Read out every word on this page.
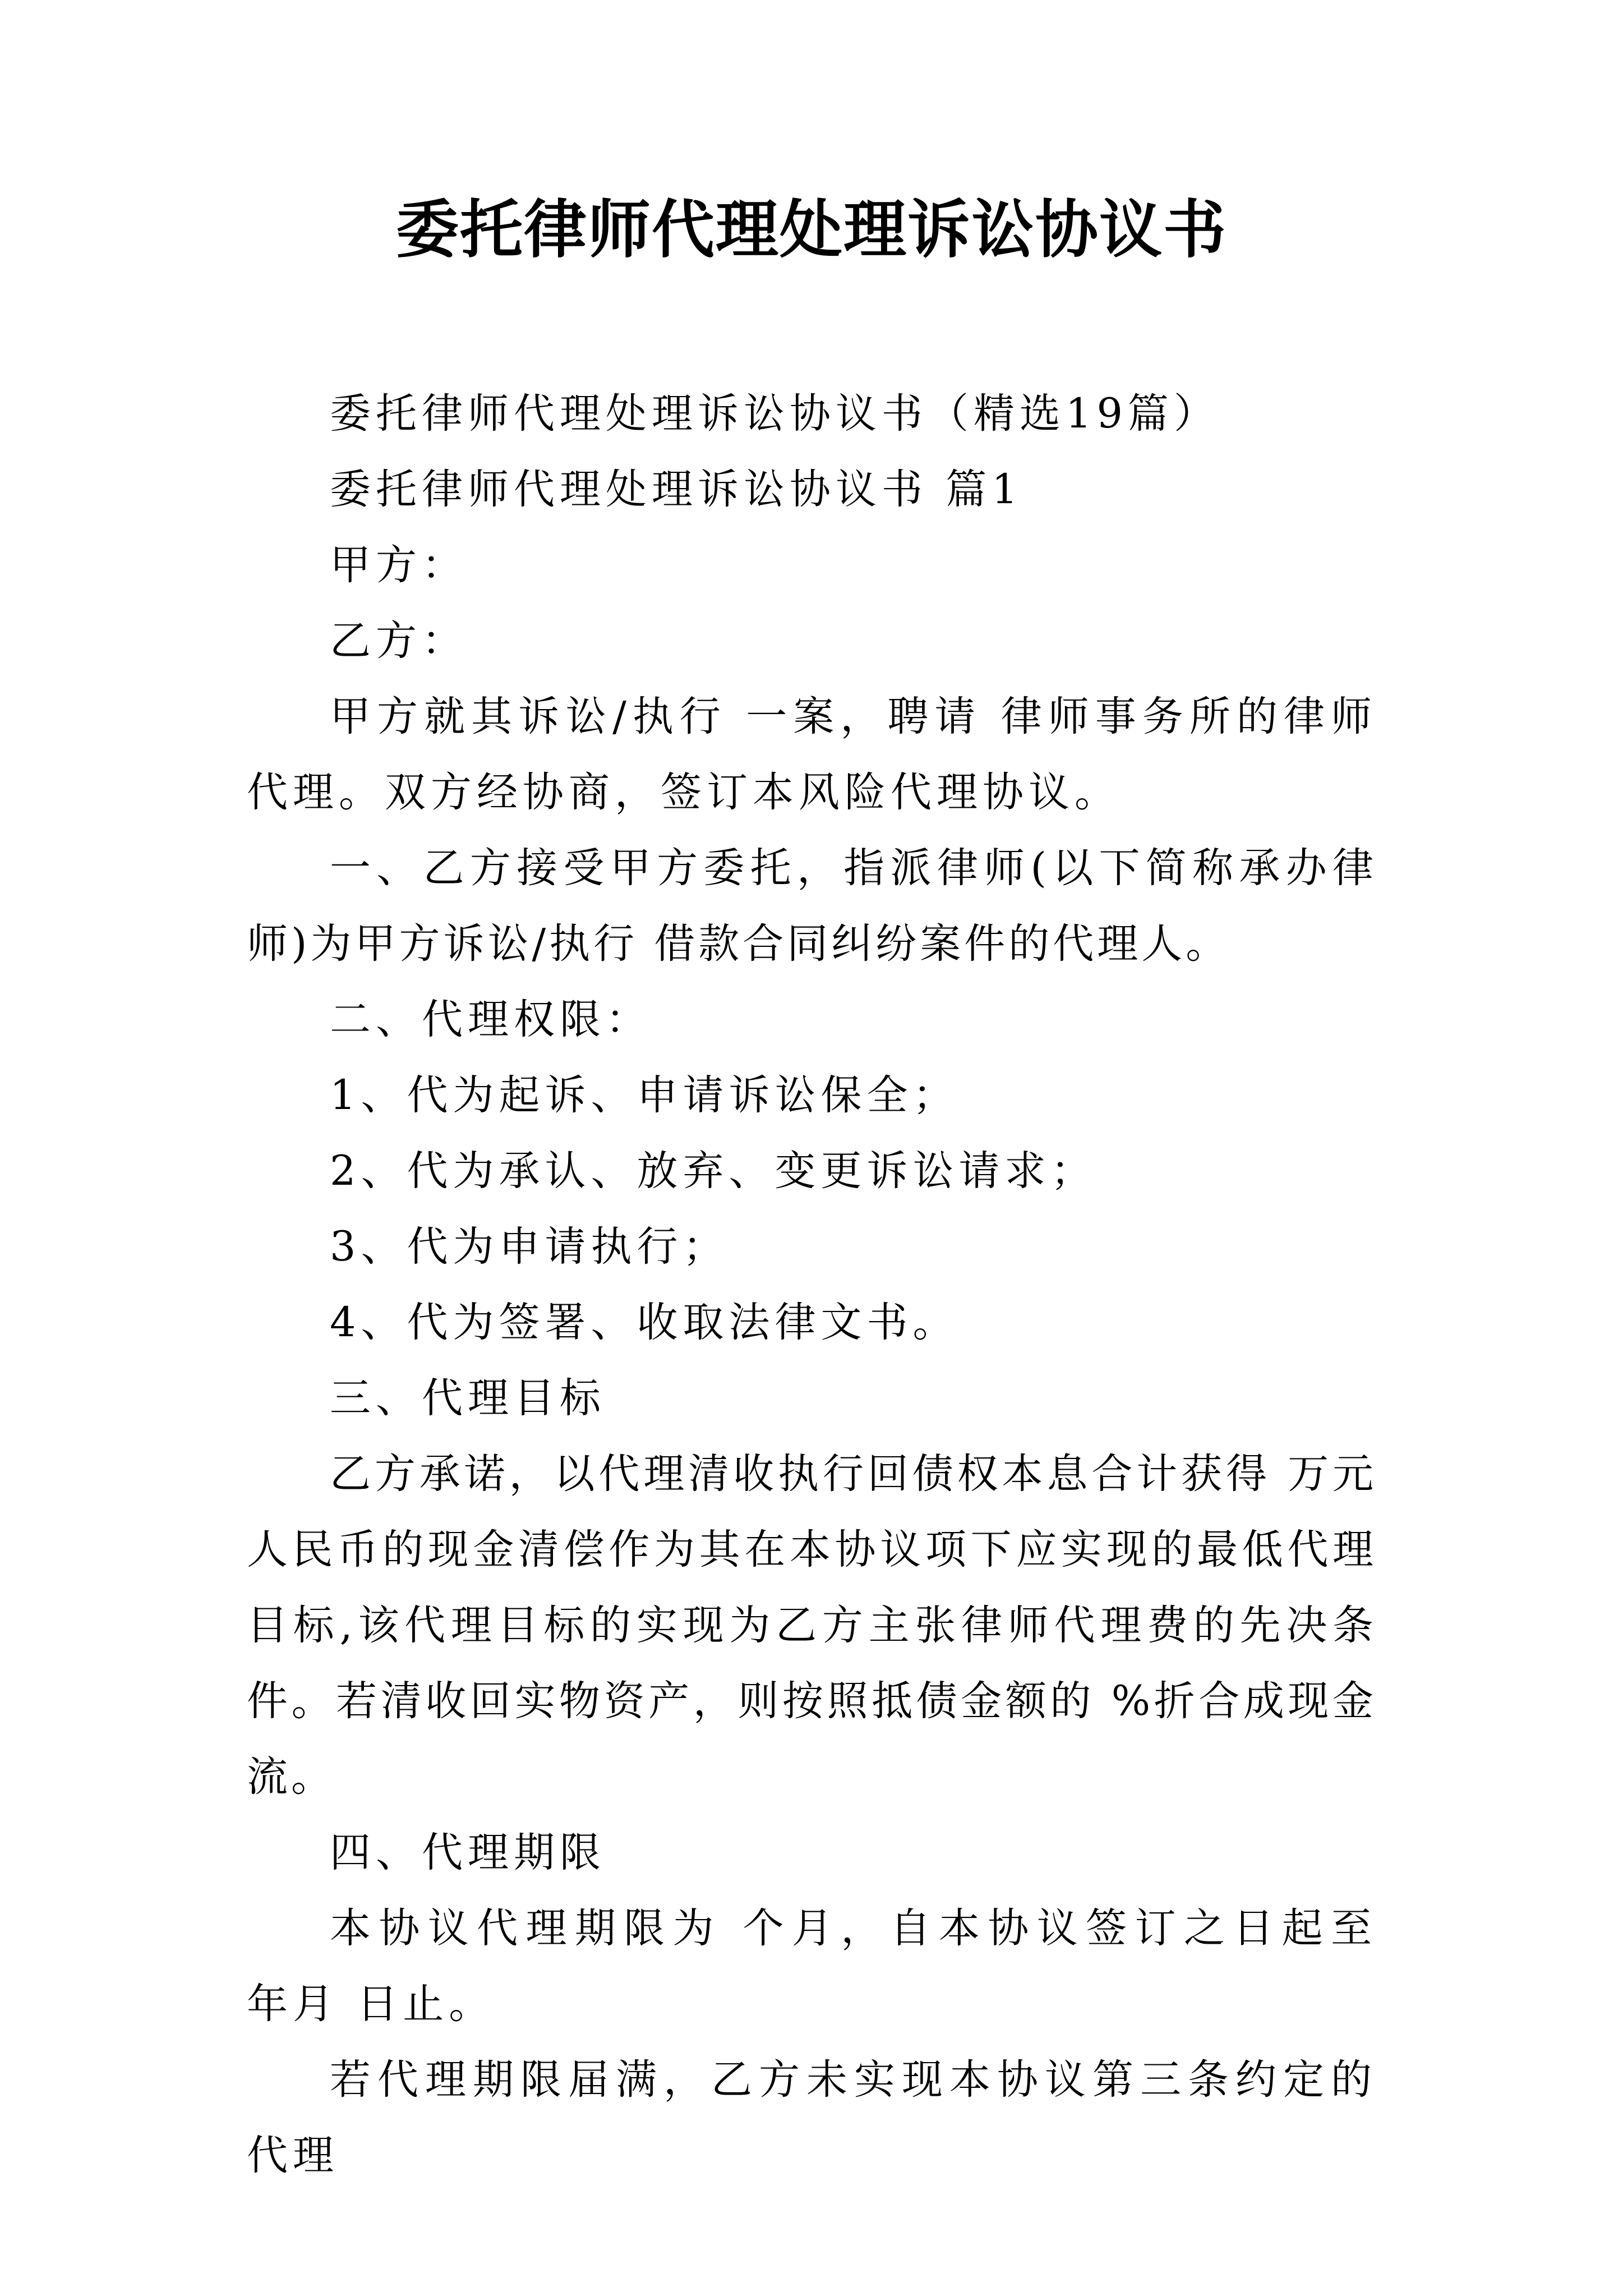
委托律师代理处理诉讼协议书

委托律师代理处理诉讼协议书（精选19篇）

委托律师代理处理诉讼协议书 篇1

甲方：

乙方：

甲方就其诉讼/执行 一案，聘请 律师事务所的律师代理。双方经协商，签订本风险代理协议。

一、乙方接受甲方委托，指派律师(以下简称承办律师)为甲方诉讼/执行 借款合同纠纷案件的代理人。

二、代理权限：

1、代为起诉、申请诉讼保全；

2、代为承认、放弃、变更诉讼请求；

3、代为申请执行；

4、代为签署、收取法律文书。

三、代理目标

乙方承诺，以代理清收执行回债权本息合计获得 万元人民币的现金清偿作为其在本协议项下应实现的最低代理目标,该代理目标的实现为乙方主张律师代理费的先决条件。若清收回实物资产，则按照抵债金额的 %折合成现金流。

四、代理期限

本协议代理期限为 个月，自本协议签订之日起至 年月 日止。

若代理期限届满，乙方未实现本协议第三条约定的代理
